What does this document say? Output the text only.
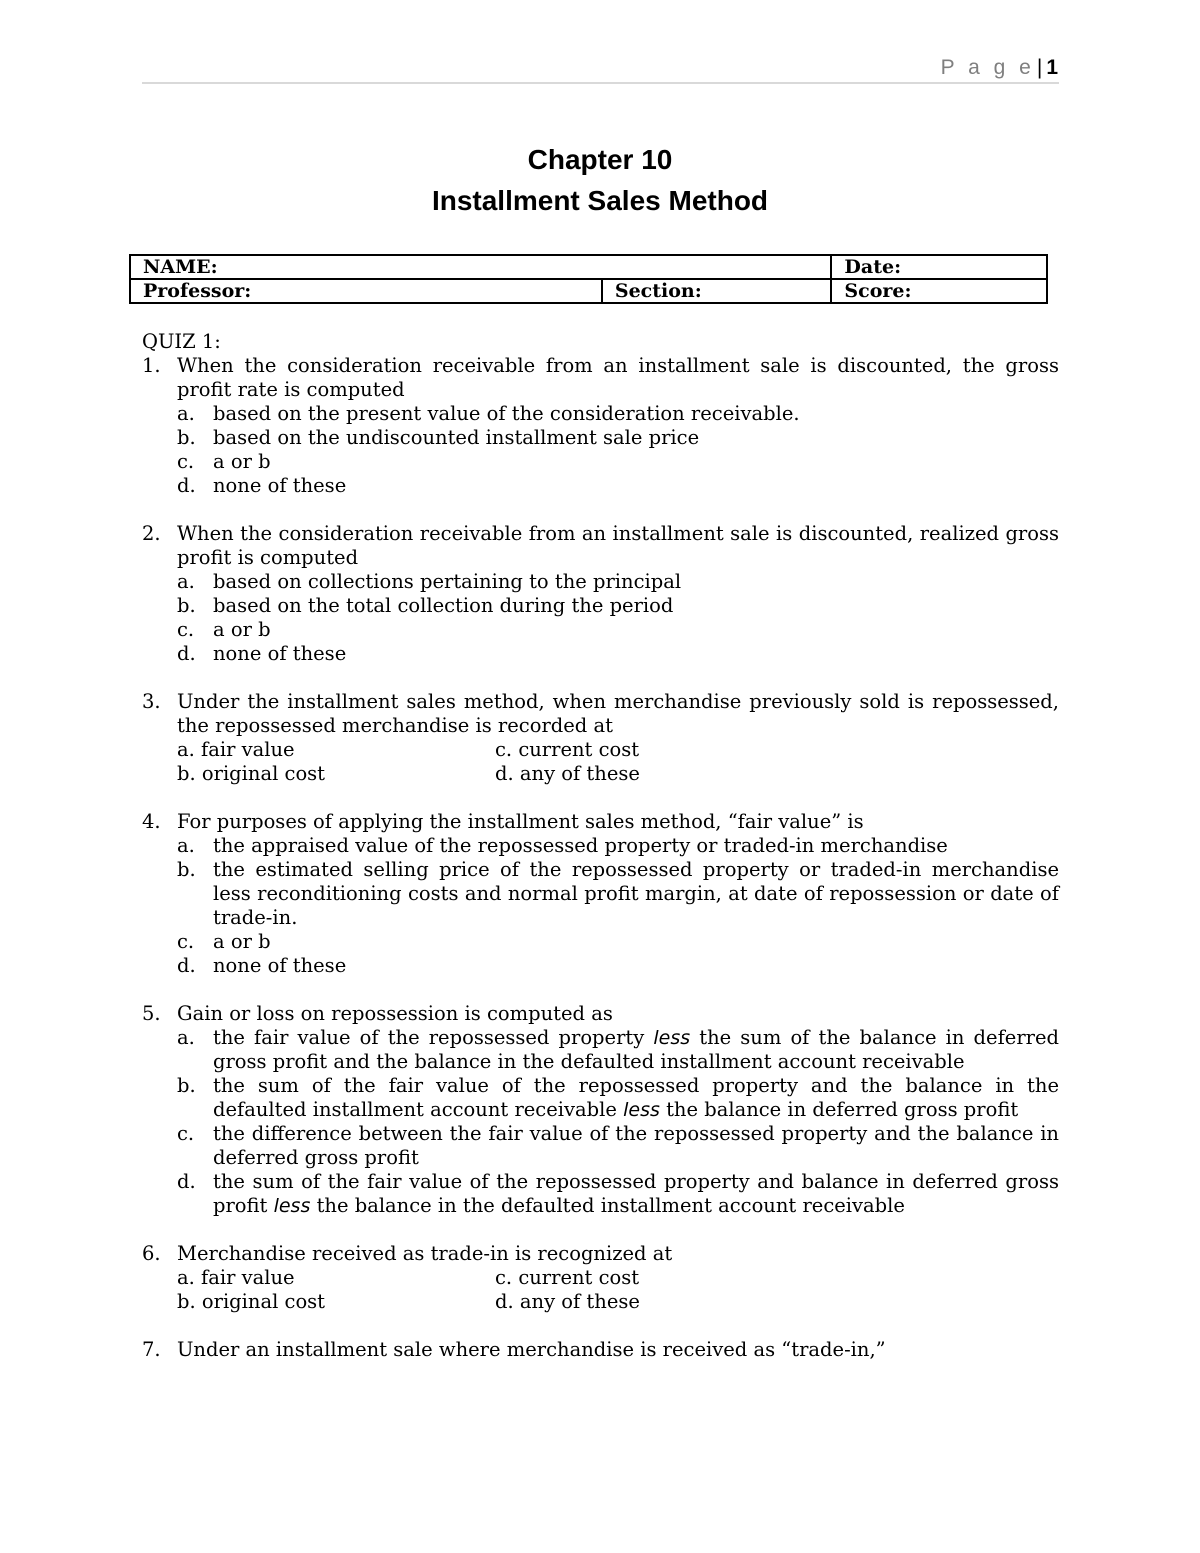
P a g e| 1
Chapter 10
Installment Sales Method
NAME:		Date:
Professor:	Section:	Score:
QUIZ 1:
1. When the consideration receivable from an installment sale is discounted, the gross profit rate is computed
a. based on the present value of the consideration receivable.
b. based on the undiscounted installment sale price
c. a or b
d. none of these
2. When the consideration receivable from an installment sale is discounted, realized gross profit is computed
a. based on collections pertaining to the principal
b. based on the total collection during the period
c. a or b
d. none of these
3. Under the installment sales method, when merchandise previously sold is repossessed, the repossessed merchandise is recorded at
a. fair value	c. current cost
b. original cost	d. any of these
4. For purposes of applying the installment sales method, “fair value” is
a. the appraised value of the repossessed property or traded-in merchandise
b. the estimated selling price of the repossessed property or traded-in merchandise less reconditioning costs and normal profit margin, at date of repossession or date of trade-in.
c. a or b
d. none of these
5. Gain or loss on repossession is computed as
a. the fair value of the repossessed property less the sum of the balance in deferred gross profit and the balance in the defaulted installment account receivable
b. the sum of the fair value of the repossessed property and the balance in the defaulted installment account receivable less the balance in deferred gross profit
c. the difference between the fair value of the repossessed property and the balance in deferred gross profit
d. the sum of the fair value of the repossessed property and balance in deferred gross profit less the balance in the defaulted installment account receivable
6. Merchandise received as trade-in is recognized at
a. fair value	c. current cost
b. original cost	d. any of these
7. Under an installment sale where merchandise is received as “trade-in,”
